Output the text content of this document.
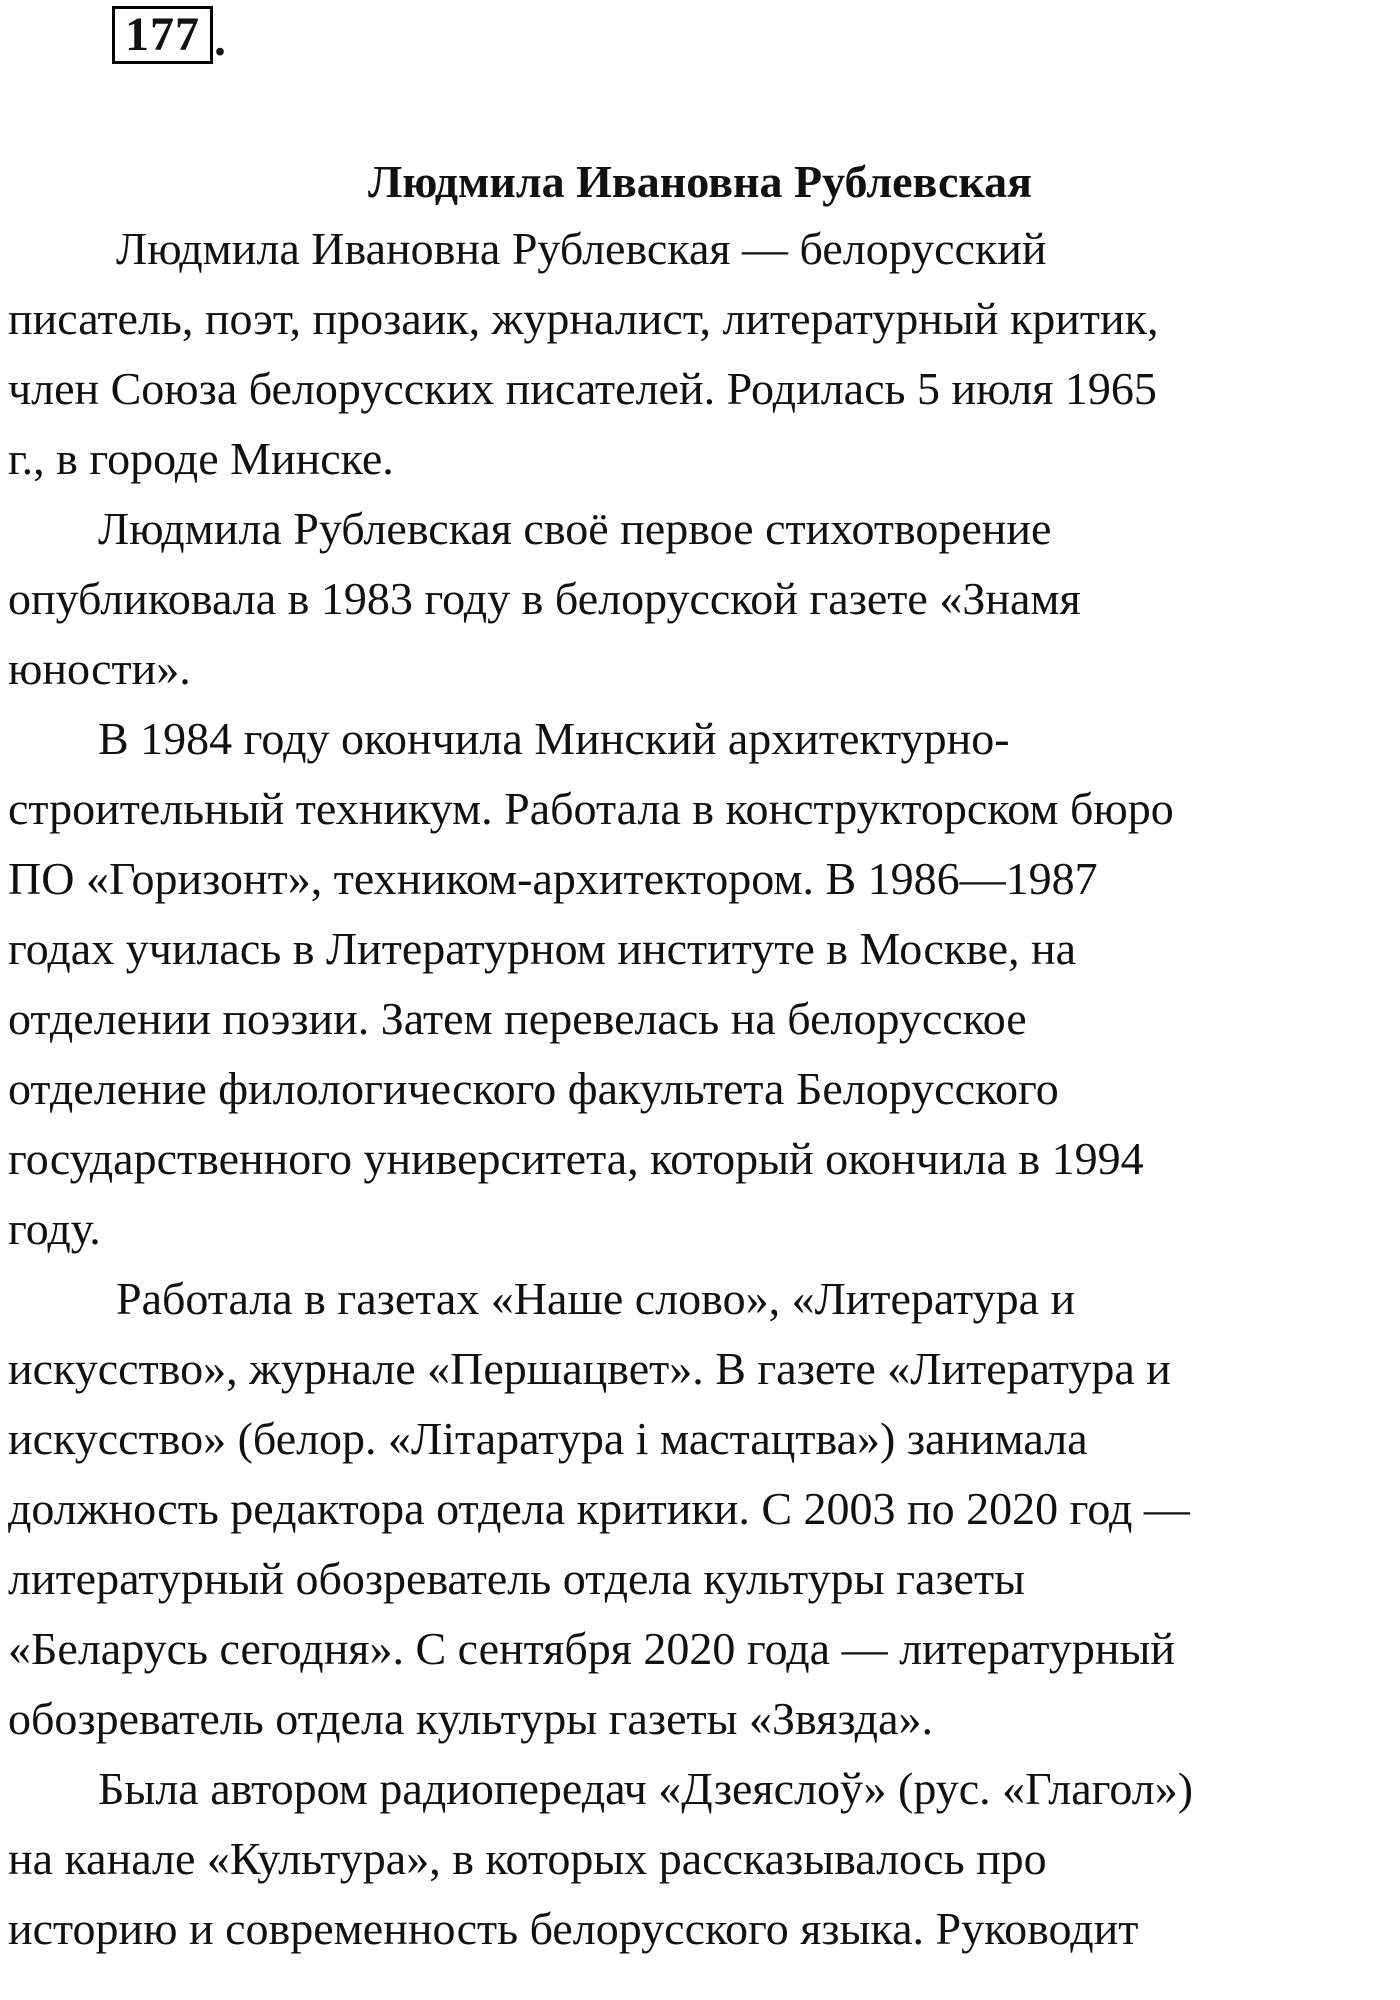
177 .
Людмила Ивановна Рублевская
Людмила Ивановна Рублевская — белорусский
писатель, поэт, прозаик, журналист, литературный критик,
член Союза белорусских писателей. Родилась 5 июля 1965
г., в городе Минске.
Людмила Рублевская своё первое стихотворение
опубликовала в 1983 году в белорусской газете «Знамя
юности».
В 1984 году окончила Минский архитектурно-
строительный техникум. Работала в конструкторском бюро
ПО «Горизонт», техником-архитектором. В 1986—1987
годах училась в Литературном институте в Москве, на
отделении поэзии. Затем перевелась на белорусское
отделение филологического факультета Белорусского
государственного университета, который окончила в 1994
году.
Работала в газетах «Наше слово», «Литература и
искусство», журнале «Першацвет». В газете «Литература и
искусство» (белор. «Лiтаратура i мастацтва») занимала
должность редактора отдела критики. С 2003 по 2020 год —
литературный обозреватель отдела культуры газеты
«Беларусь сегодня». С сентября 2020 года — литературный
обозреватель отдела культуры газеты «Звязда».
Была автором радиопередач «Дзеяслоў» (рус. «Глагол»)
на канале «Культура», в которых рассказывалось про
историю и современность белорусского языка. Руководит
